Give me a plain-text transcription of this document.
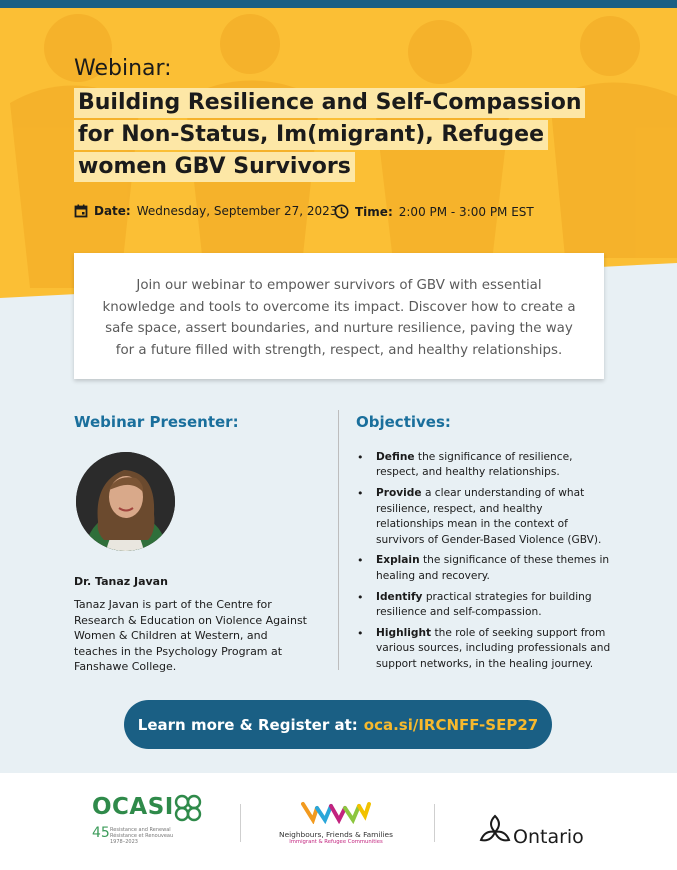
Webinar:
Building Resilience and Self-Compassion
for Non-Status, Im(migrant), Refugee
women GBV Survivors
Date: Wednesday, September 27, 2023 Time: 2:00 PM - 3:00 PM EST

Join our webinar to empower survivors of GBV with essential knowledge and tools to overcome its impact. Discover how to create a safe space, assert boundaries, and nurture resilience, paving the way for a future filled with strength, respect, and healthy relationships.

Webinar Presenter:	Objectives:
Dr. Tanaz Javan
Tanaz Javan is part of the Centre for Research & Education on Violence Against Women & Children at Western, and teaches in the Psychology Program at Fanshawe College.
• Define the significance of resilience, respect, and healthy relationships.
• Provide a clear understanding of what resilience, respect, and healthy relationships mean in the context of survivors of Gender-Based Violence (GBV).
• Explain the significance of these themes in healing and recovery.
• Identify practical strategies for building resilience and self-compassion.
• Highlight the role of seeking support from various sources, including professionals and support networks, in the healing journey.
Learn more & Register at: oca.si/IRCNFF-SEP27
OCASI
45 Resistance and Renewal
Résistance et Renouveau
1978–2023
Neighbours, Friends & Families
Immigrant & Refugee Communities	Ontario
